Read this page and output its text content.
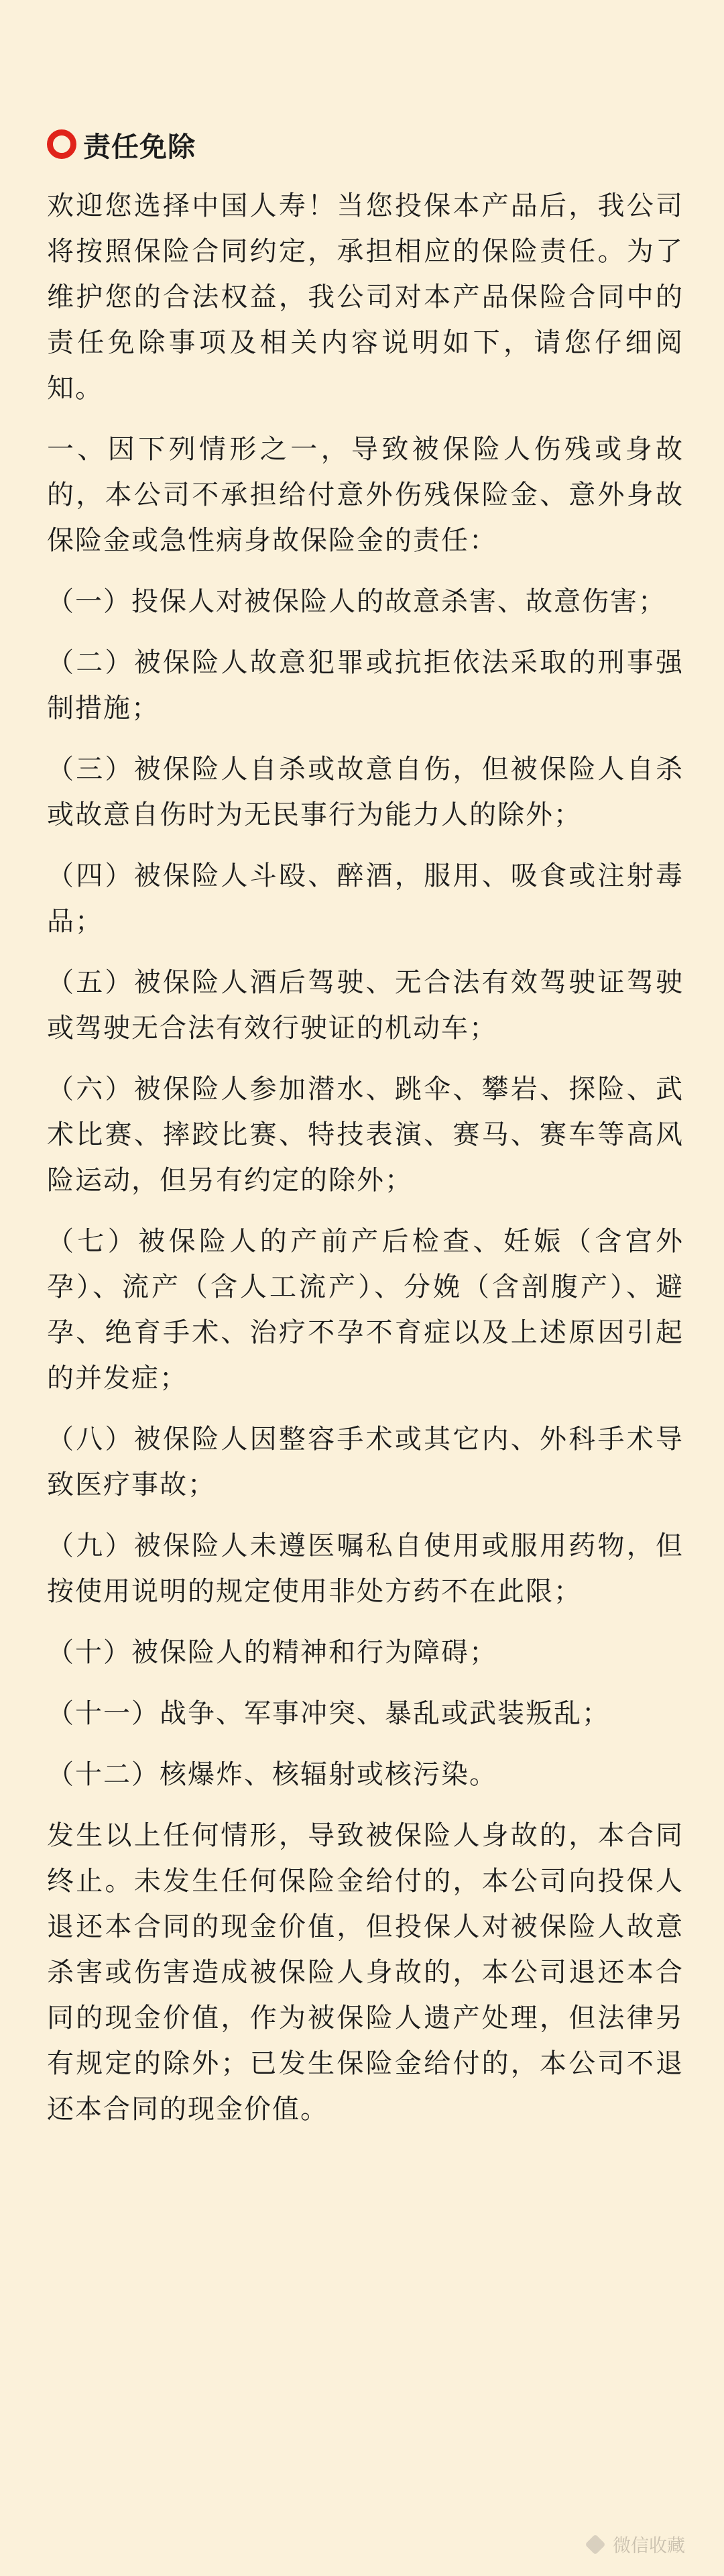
责任免除

欢迎您选择中国人寿！当您投保本产品后，我公司将按照保险合同约定，承担相应的保险责任。为了维护您的合法权益，我公司对本产品保险合同中的责任免除事项及相关内容说明如下，请您仔细阅知。

一、因下列情形之一，导致被保险人伤残或身故的，本公司不承担给付意外伤残保险金、意外身故保险金或急性病身故保险金的责任：

（一）投保人对被保险人的故意杀害、故意伤害；

（二）被保险人故意犯罪或抗拒依法采取的刑事强制措施；

（三）被保险人自杀或故意自伤，但被保险人自杀或故意自伤时为无民事行为能力人的除外；

（四）被保险人斗殴、醉酒，服用、吸食或注射毒品；

（五）被保险人酒后驾驶、无合法有效驾驶证驾驶或驾驶无合法有效行驶证的机动车；

（六）被保险人参加潜水、跳伞、攀岩、探险、武术比赛、摔跤比赛、特技表演、赛马、赛车等高风险运动，但另有约定的除外；

（七）被保险人的产前产后检查、妊娠（含宫外孕）、流产（含人工流产）、分娩（含剖腹产）、避孕、绝育手术、治疗不孕不育症以及上述原因引起的并发症；

（八）被保险人因整容手术或其它内、外科手术导致医疗事故；

（九）被保险人未遵医嘱私自使用或服用药物，但按使用说明的规定使用非处方药不在此限；

（十）被保险人的精神和行为障碍；

（十一）战争、军事冲突、暴乱或武装叛乱；

（十二）核爆炸、核辐射或核污染。

发生以上任何情形，导致被保险人身故的，本合同终止。未发生任何保险金给付的，本公司向投保人退还本合同的现金价值，但投保人对被保险人故意杀害或伤害造成被保险人身故的，本公司退还本合同的现金价值，作为被保险人遗产处理，但法律另有规定的除外；已发生保险金给付的，本公司不退还本合同的现金价值。

微信收藏
